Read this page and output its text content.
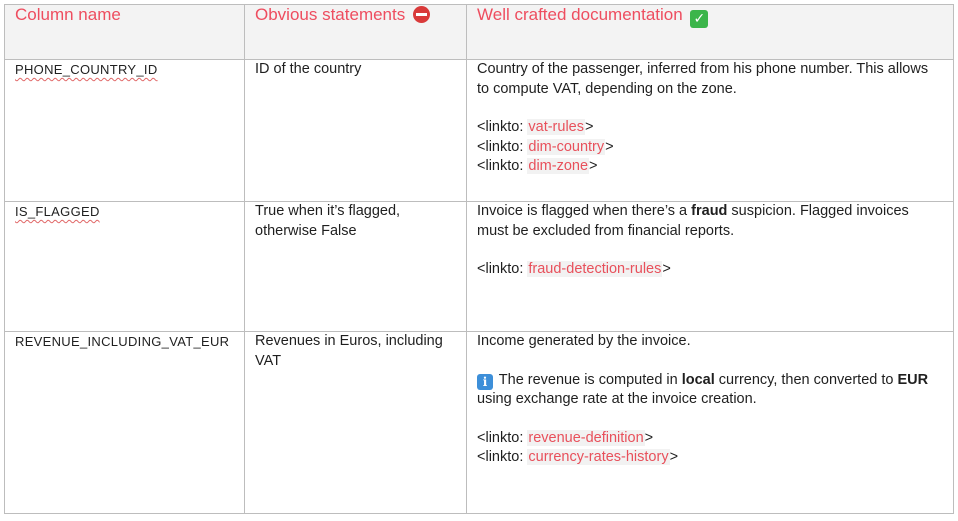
Column name	Obvious statements	Well crafted documentation ✓
PHONE_COUNTRY_ID	ID of the country	Country of the passenger, inferred from his phone number. This allows to compute VAT, depending on the zone.

<linkto: vat-rules>

<linkto: dim-country>

<linkto: dim-zone>

IS_FLAGGED	True when it’s flagged, otherwise False	Invoice is flagged when there’s a fraud suspicion. Flagged invoices must be excluded from financial reports.

<linkto: fraud-detection-rules>

REVENUE_INCLUDING_VAT_EUR	Revenues in Euros, including VAT	Income generated by the invoice.

i The revenue is computed in local currency, then converted to EUR using exchange rate at the invoice creation.

<linkto: revenue-definition>

<linkto: currency-rates-history>
